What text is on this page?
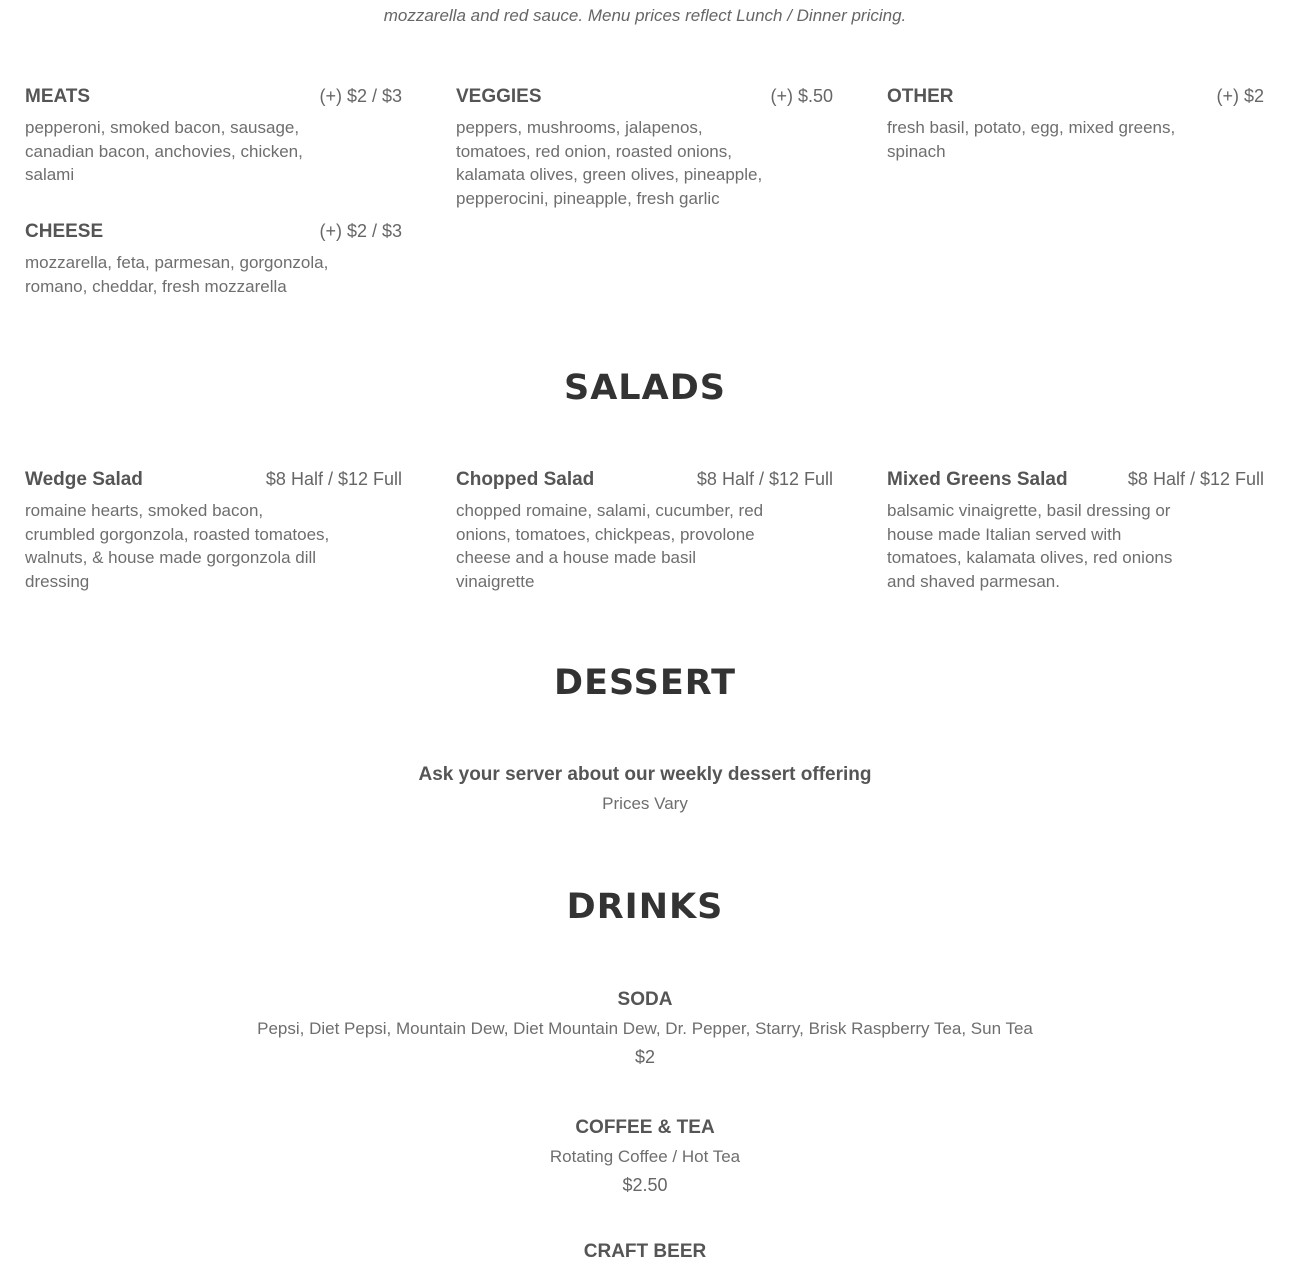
mozzarella and red sauce. Menu prices reflect Lunch / Dinner pricing.
MEATS	(+) $2 / $3
pepperoni, smoked bacon, sausage, canadian bacon, anchovies, chicken, salami
CHEESE	(+) $2 / $3
mozzarella, feta, parmesan, gorgonzola, romano, cheddar, fresh mozzarella
VEGGIES	(+) $.50
peppers, mushrooms, jalapenos, tomatoes, red onion, roasted onions, kalamata olives, green olives, pineapple, pepperocini, pineapple, fresh garlic
OTHER	(+) $2
fresh basil, potato, egg, mixed greens, spinach
SALADS
Wedge Salad	$8 Half / $12 Full
romaine hearts, smoked bacon, crumbled gorgonzola, roasted tomatoes, walnuts, & house made gorgonzola dill dressing
Chopped Salad	$8 Half / $12 Full
chopped romaine, salami, cucumber, red onions, tomatoes, chickpeas, provolone cheese and a house made basil vinaigrette
Mixed Greens Salad	$8 Half / $12 Full
balsamic vinaigrette, basil dressing or house made Italian served with tomatoes, kalamata olives, red onions and shaved parmesan.
DESSERT
Ask your server about our weekly dessert offering
Prices Vary
DRINKS
SODA
Pepsi, Diet Pepsi, Mountain Dew, Diet Mountain Dew, Dr. Pepper, Starry, Brisk Raspberry Tea, Sun Tea
$2
COFFEE & TEA
Rotating Coffee / Hot Tea
$2.50
CRAFT BEER
